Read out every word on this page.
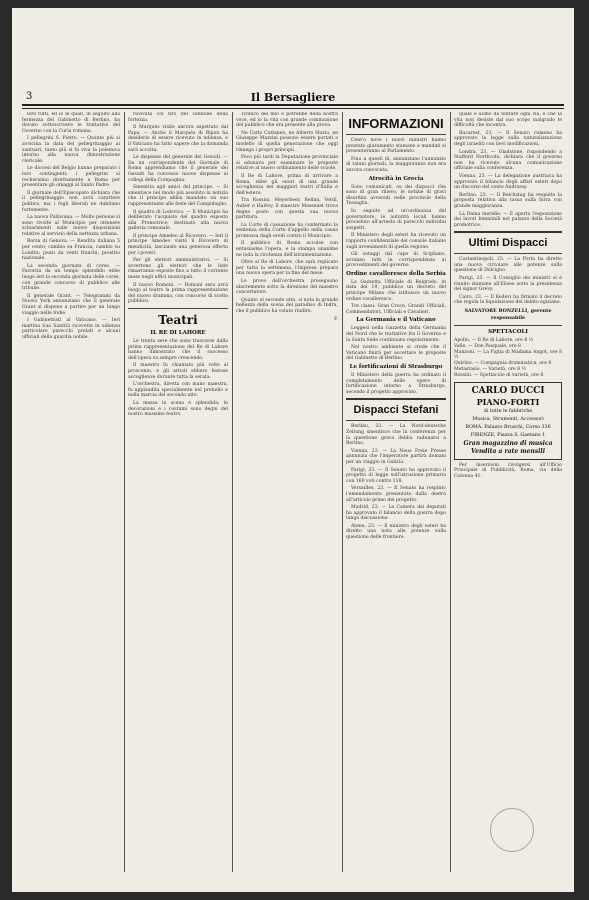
3	Il Bersagliere

loro tutti, ed io le quali, in seguito alla fermezza del Gabinetto di Berlino, ha dovuto sottoscrivere le trattative del Governo con la Curia romana.

I pellegrini S. Pietro. — Quanto più si avvicina la data del pellegrinaggio ai santuari, tanto più si fa viva la polemica intorno alla nuova dimostrazione clericale.

Le diocesi del Belgio hanno preparato i loro contingenti; i pellegrini si recheranno direttamente a Roma per presentare gli omaggi al Santo Padre.

Il giornale dell'Episcopato dichiara che il pellegrinaggio non avrà carattere politico, ma i fogli liberali ne dubitano fortemente.

La nuova Pallavana. — Molte persone si sono rivolte al Municipio per ottenere schiarimenti sulle nuove disposizioni relative al servizio della nettezza urbana.

Borsa di Genova. — Rendita italiana 5 per cento; cambio su Francia; cambio su Londra; pezzi da venti franchi; prestito nazionale.

La seconda giornata di corse. — Favorita da un tempo splendido ebbe luogo ieri la seconda giornata delle corse, con grande concorso di pubblico alle tribune.

Il generale Grant. — Telegrammi da Nuova York annunziano che il generale Grant si dispone a partire per un lungo viaggio nelle Indie.

I Gabinettisti al Vaticano. — Ieri mattina Sua Santità ricevette in udienza particolare parecchi prelati e alcuni ufficiali della guardia nobile.

ricevuta col tiro del cannone della fortezza.

Il Marquès visite ancora aspettato dal Papa. — Anche il Marquès di Ripon ha desiderio di essere ricevuto in udienza, e il Vaticano ha fatto sapere che la domanda sarà accolta.

Le dispense del generale dei Gesuiti. — Da un corrispondente del Giornale di Roma apprendiamo che il generale dei Gesuiti ha concesso nuove dispense ai collegi della Compagnia.

Smentita agli amici del principe. — Si smentisce nel modo più assoluto la notizia che il principe abbia mandato un suo rappresentante alle feste del Campidoglio.

Il quadro di Lodovico. — Il Municipio ha deliberato l'acquisto del quadro esposto alla Promotrice, destinato alla nuova galleria comunale.

Il principe Amedeo al Ricovero. — Ieri il principe Amedeo visitò il Ricovero di mendicità, lasciando una generosa offerta per i poveri.

Per gli elettori amministrativi. — Si avvertono gli elettori che le liste rimarranno esposte fino a tutto il corrente mese negli uffici municipali.

Il nuovo Romeni. — Domani sera avrà luogo al teatro la prima rappresentazione del nuovo dramma, con concorso di scelto pubblico.

Teatri
IL RE DI LAHORE

Le trenta sere che sono trascorse dalla prima rappresentazione del Re di Lahore hanno dimostrato che il successo dell'opera va sempre crescendo.

Il maestro fu chiamato più volte al proscenio, e gli artisti ebbero festose accoglienze durante tutta la serata.

L'orchestra, diretta con mano maestra, fu applaudita specialmente nel preludio e nella marcia del secondo atto.

La messa in scena è splendida; le decorazioni e i costumi sono degni del nostro massimo teatro.

Tronico del mio e potrebbe della nostra voce, ed io la vita con grande commozione del pubblico che era presente alla prova.

Ne Carlo Cattaneo, ne Alberto Mario, ne Giuseppe Mazzini possono essere portati a modello di quella generazione che oggi rinnega i propri principii.

Poco più tardi la Deputazione provinciale si adunava per esaminare le proposte relative al nuovo ordinamento delle scuole.

Il Re di Lahore, prima di arrivare a Roma, ebbe gli onori di una grande accoglienza nei maggiori teatri d'Italia e dell'estero.

Tra Rossini, Meyerbeer, Bellini, Verdi, Auber e Halévy, il maestro Massenet trova degno posto con questa sua nuova partitura.

La Corte di cassazione ha confermato la sentenza della Corte d'appello nella causa promossa dagli eredi contro il Municipio.

Il pubblico di Roma accolse con entusiasmo l'opera, e la stampa unanime ne loda la ricchezza dell'istrumentazione.

Oltre al Re di Lahore, che sarà replicato per tutta la settimana, l'impresa prepara una nuova opera per la fine del mese.

Le prove dell'orchestra proseguono alacremente sotto la direzione del maestro concertatore.

Quanto al secondo atto, si nota la grande bellezza della scena del paradiso di Indra, che il pubblico ha voluto riudire.

F.

INFORMAZIONI

Cent'o nove i nuovi ministri hanno prestato giuramento stamane e mandati si presenteranno al Parlamento.

Fino a questi dì, annunziano l'annunzio di taluni giornali, la maggioranza non era ancora convocata.

Atrocità in Grecia

Sono comunicati, su dei dispacci che sono di gran rilievo, le notizie di gravi disordini avvenuti nelle provincie della Tessaglia.

In seguito ad un'ordinanza del governatore, le autorità locali hanno proceduto all'arresto di parecchi individui sospetti.

Il Ministero degli esteri ha ricevuto un rapporto confidenziale del console italiano sugli avvenimenti di quella regione.

Gli ostaggi dal capo di Sciphano, avranno tutti in corrispondenza ai provvedimenti del governo.

Ordine cavalleresco della Serbia

La Gazzetta Ufficiale di Belgrado, in data del 19, pubblica un decreto del principe Milano che istituisce un nuovo ordine cavalleresco.

Tre classi: Gran Croce, Grandi Ufficiali, Commendatori, Ufficiali e Cavalieri.

La Germania e il Vaticano

Leggesi nella Gazzetta della Germania del Nord che le trattative fra il Governo e la Santa Sede continuano regolarmente.

Nel nostro ambiente si crede che il Vaticano finirà per accettare le proposte del Gabinetto di Berlino.

Le fortificazioni di Strasburgo

Il Ministero della guerra ha ordinato il completamento delle opere di fortificazione intorno a Strasburgo, secondo il progetto approvato.

Dispacci Stefani

Berlino, 23. — La Nord-deutsche Zeitung smentisce che la conferenza per la questione greca debba radunarsi a Berlino.

Vienna, 23. — La Neue Freie Presse annunzia che l'imperatore partirà domani per un viaggio in Galizia.

Parigi, 23. — Il Senato ha approvato il progetto di legge sull'istruzione primaria con 160 voti contro 118.

Versailles, 23. — Il Senato ha respinto l'emendamento presentato dalla destra all'articolo primo del progetto.

Madrid, 23. — La Camera dei deputati ha approvato il bilancio della guerra dopo lunga discussione.

Atene, 23. — Il ministro degli esteri ha diretto una nota alle potenze sulla questione delle frontiere.

quale è uomo da tentare ogni via, e che la vita non desiste dal suo scopo malgrado le difficoltà che incontra.

Bucarest, 23. — Il Senato rumeno ha approvato la legge sulla naturalizzazione degli israeliti con lievi modificazioni.

Londra, 23. — Gladstone, rispondendo a Stafford Northcote, dichiara che il governo non ha ricevuto alcuna comunicazione ufficiale sulla conferenza.

Vienna, 23. — La delegazione austriaca ha approvato il bilancio degli affari esteri dopo un discorso del conte Andrassy.

Berlino, 23. — Il Reichstag ha respinto la proposta relativa alla tassa sulla birra con grande maggioranza.

La Dama meridie. — È aperta l'esposizione dei lavori femminili nel palazzo della Società promotrice.

Ultimi Dispacci

Costantinopoli, 23. — La Porta ha diretto una nuova circolare alle potenze sulla questione di Dulcigno.

Parigi, 23. — Il Consiglio dei ministri si è riunito stamane all'Eliseo sotto la presidenza del signor Grévy.

Cairo, 23. — Il Kedevi ha firmato il decreto che regola la liquidazione del debito egiziano.

SALVATORE BONZELLI, gerente responsabile
SPETTACOLI
Apollo. — Il Re di Lahore, ore 8 ½
Valle. — Don Pasquale, ore 8
Manzoni. — La Figlia di Madama Angot, ore 8 ½
Quirino. — Compagnia drammatica, ore 8
Metastasio. — Varietà, ore 8 ½
Rossini. — Spettacolo di varietà, ore 8
CARLO DUCCI
PIANO-FORTI
di tutte le fabbriche
Musica, Strumenti, Accessori
ROMA, Palazzo Bruschi, Corso 336
FIRENZE, Piazza S. Gaetano 1
Gran magazzino di musica
Vendita a rate mensili

Per inserzioni rivolgersi all'Ufficio Principale di Pubblicità, Roma, via della Colonna 41.
